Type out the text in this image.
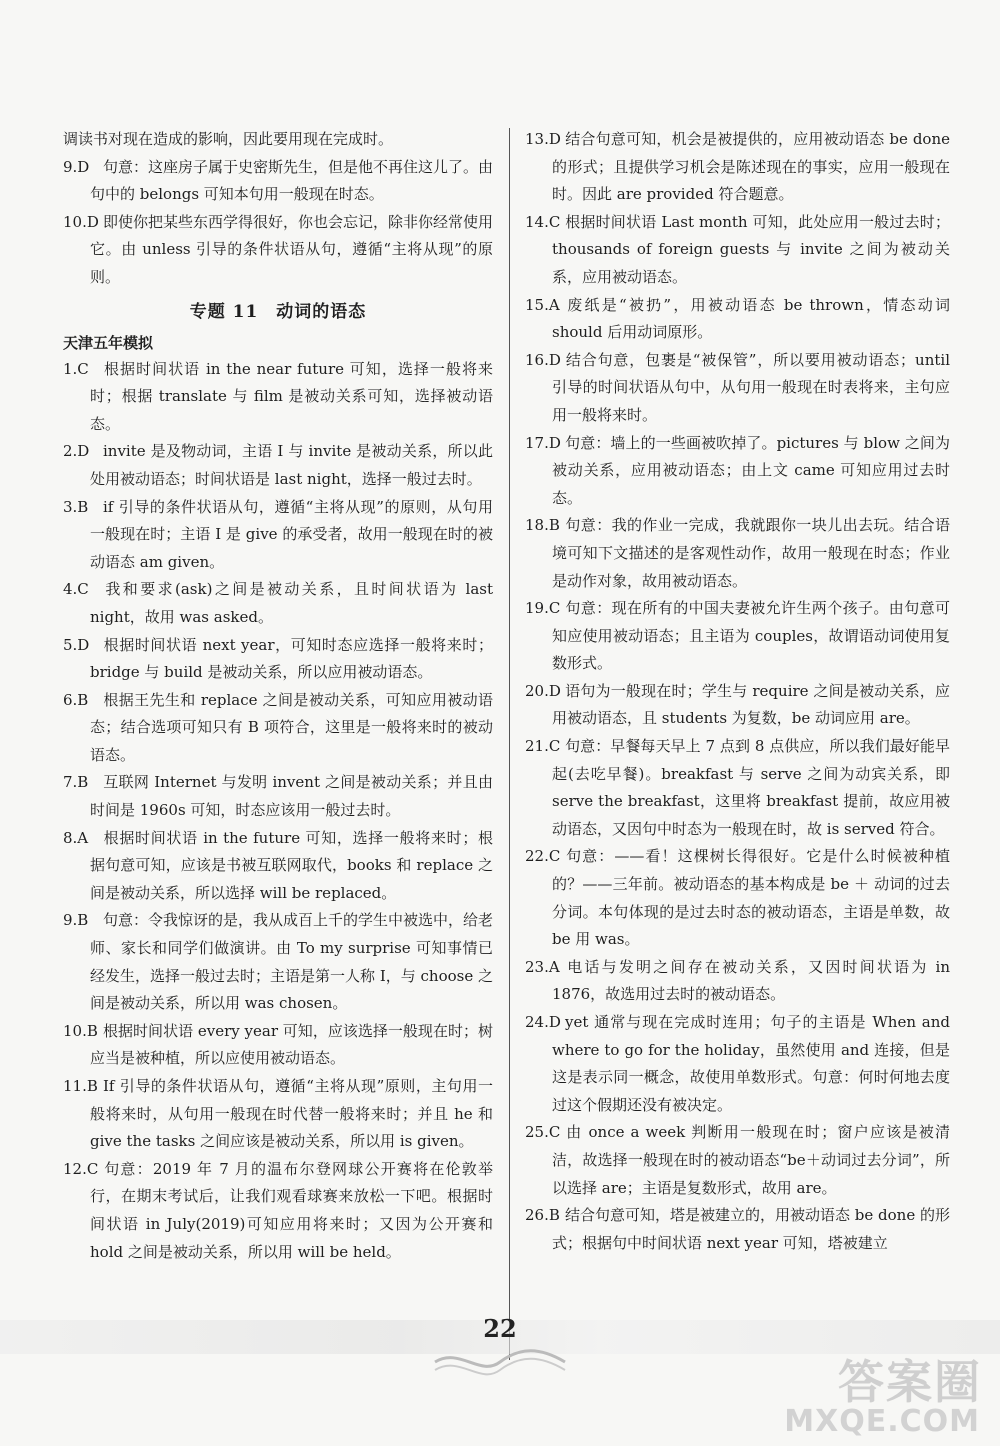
调读书对现在造成的影响，因此要用现在完成时。

9.D 句意：这座房子属于史密斯先生，但是他不再住这儿了。由句中的 belongs 可知本句用一般现在时态。

10.D 即使你把某些东西学得很好，你也会忘记，除非你经常使用它。由 unless 引导的条件状语从句，遵循“主将从现”的原则。

专题 11　动词的语态

天津五年模拟

1.C 根据时间状语 in the near future 可知，选择一般将来时；根据 translate 与 film 是被动关系可知，选择被动语态。

2.D invite 是及物动词，主语 I 与 invite 是被动关系，所以此处用被动语态；时间状语是 last night，选择一般过去时。

3.B if 引导的条件状语从句，遵循“主将从现”的原则，从句用一般现在时；主语 I 是 give 的承受者，故用一般现在时的被动语态 am given。

4.C 我和要求(ask)之间是被动关系，且时间状语为 last night，故用 was asked。

5.D 根据时间状语 next year，可知时态应选择一般将来时；bridge 与 build 是被动关系，所以应用被动语态。

6.B 根据王先生和 replace 之间是被动关系，可知应用被动语态；结合选项可知只有 B 项符合，这里是一般将来时的被动语态。

7.B 互联网 Internet 与发明 invent 之间是被动关系；并且由时间是 1960s 可知，时态应该用一般过去时。

8.A 根据时间状语 in the future 可知，选择一般将来时；根据句意可知，应该是书被互联网取代，books 和 replace 之间是被动关系，所以选择 will be replaced。

9.B 句意：令我惊讶的是，我从成百上千的学生中被选中，给老师、家长和同学们做演讲。由 To my surprise 可知事情已经发生，选择一般过去时；主语是第一人称 I，与 choose 之间是被动关系，所以用 was chosen。

10.B 根据时间状语 every year 可知，应该选择一般现在时；树应当是被种植，所以应使用被动语态。

11.B If 引导的条件状语从句，遵循“主将从现”原则，主句用一般将来时，从句用一般现在时代替一般将来时；并且 he 和 give the tasks 之间应该是被动关系，所以用 is given。

12.C 句意：2019 年 7 月的温布尔登网球公开赛将在伦敦举行，在期末考试后，让我们观看球赛来放松一下吧。根据时间状语 in July(2019)可知应用将来时；又因为公开赛和 hold 之间是被动关系，所以用 will be held。

13.D 结合句意可知，机会是被提供的，应用被动语态 be done 的形式；且提供学习机会是陈述现在的事实，应用一般现在时。因此 are provided 符合题意。

14.C 根据时间状语 Last month 可知，此处应用一般过去时；thousands of foreign guests 与 invite 之间为被动关系，应用被动语态。

15.A 废纸是“被扔”，用被动语态 be thrown，情态动词 should 后用动词原形。

16.D 结合句意，包裹是“被保管”，所以要用被动语态；until 引导的时间状语从句中，从句用一般现在时表将来，主句应用一般将来时。

17.D 句意：墙上的一些画被吹掉了。pictures 与 blow 之间为被动关系，应用被动语态；由上文 came 可知应用过去时态。

18.B 句意：我的作业一完成，我就跟你一块儿出去玩。结合语境可知下文描述的是客观性动作，故用一般现在时态；作业是动作对象，故用被动语态。

19.C 句意：现在所有的中国夫妻被允许生两个孩子。由句意可知应使用被动语态；且主语为 couples，故谓语动词使用复数形式。

20.D 语句为一般现在时；学生与 require 之间是被动关系，应用被动语态，且 students 为复数，be 动词应用 are。

21.C 句意：早餐每天早上 7 点到 8 点供应，所以我们最好能早起(去吃早餐)。breakfast 与 serve 之间为动宾关系，即 serve the breakfast，这里将 breakfast 提前，故应用被动语态，又因句中时态为一般现在时，故 is served 符合。

22.C 句意：——看！这棵树长得很好。它是什么时候被种植的？——三年前。被动语态的基本构成是 be ＋ 动词的过去分词。本句体现的是过去时态的被动语态，主语是单数，故 be 用 was。

23.A 电话与发明之间存在被动关系，又因时间状语为 in 1876，故选用过去时的被动语态。

24.D yet 通常与现在完成时连用；句子的主语是 When and where to go for the holiday，虽然使用 and 连接，但是这是表示同一概念，故使用单数形式。句意：何时何地去度过这个假期还没有被决定。

25.C 由 once a week 判断用一般现在时；窗户应该是被清洁，故选择一般现在时的被动语态“be＋动词过去分词”，所以选择 are；主语是复数形式，故用 are。

26.B 结合句意可知，塔是被建立的，用被动语态 be done 的形式；根据句中时间状语 next year 可知，塔被建立

22
答案圈
MXQE.COM
